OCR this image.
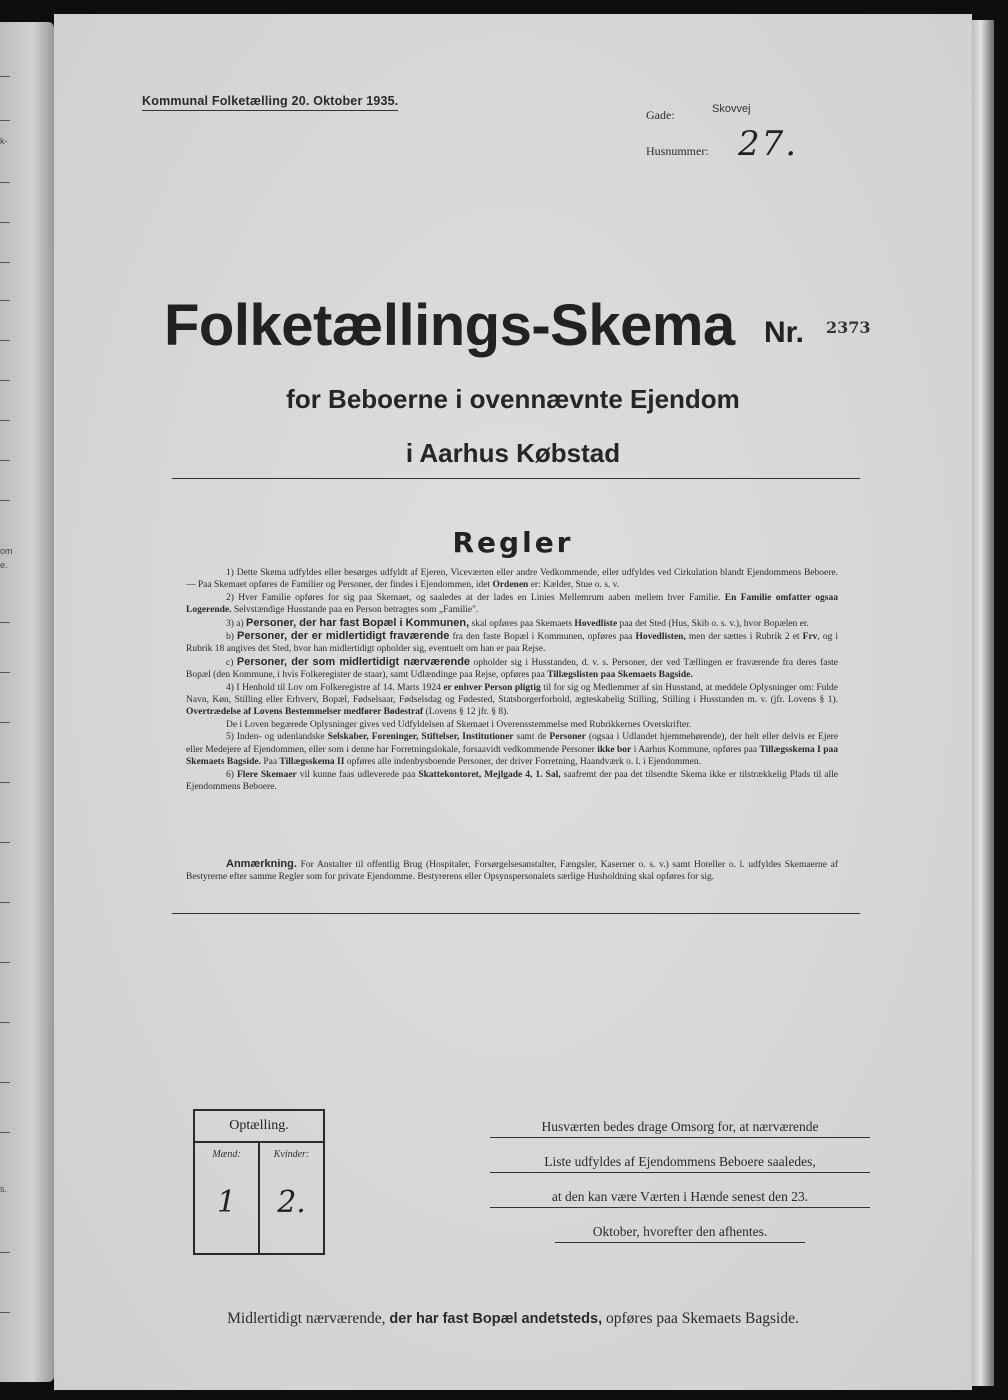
k-
om
e.
s.
Kommunal Folketælling 20. Oktober 1935.
Gade:	Skovvej
Husnummer: 27.
Folketællings-Skema Nr. 2373
for Beboerne i ovennævnte Ejendom
i Aarhus Købstad
Regler

1) Dette Skema udfyldes eller besørges udfyldt af Ejeren, Viceværten eller andre Vedkommende, eller udfyldes ved Cirkulation blandt Ejendommens Beboere. — Paa Skemaet opføres de Familier og Personer, der findes i Ejendommen, idet Ordenen er: Kælder, Stue o. s. v.

2) Hver Familie opføres for sig paa Skemaet, og saaledes at der lades en Linies Mellemrum aaben mellem hver Familie. En Familie omfatter ogsaa Logerende. Selvstændige Husstande paa en Person betragtes som „Familie".

3) a) Personer, der har fast Bopæl i Kommunen, skal opføres paa Skemaets Hovedliste paa det Sted (Hus, Skib o. s. v.), hvor Bopælen er.

b) Personer, der er midlertidigt fraværende fra den faste Bopæl i Kommunen, opføres paa Hovedlisten, men der sættes i Rubrik 2 et Frv, og i Rubrik 18 angives det Sted, hvor han midlertidigt opholder sig, eventuelt om han er paa Rejse.

c) Personer, der som midlertidigt nærværende opholder sig i Husstanden, d. v. s. Personer, der ved Tællingen er fraværende fra deres faste Bopæl (den Kommune, i hvis Folkeregister de staar), samt Udlændinge paa Rejse, opføres paa Tillægslisten paa Skemaets Bagside.

4) I Henhold til Lov om Folkeregistre af 14. Marts 1924 er enhver Person pligtig til for sig og Medlemmer af sin Husstand, at meddele Oplysninger om: Fulde Navn, Køn, Stilling eller Erhverv, Bopæl, Fødselsaar, Fødselsdag og Fødested, Statsborgerforhold, ægteskabelig Stilling, Stilling i Husstanden m. v. (jfr. Lovens § 1). Overtrædelse af Lovens Bestemmelser medfører Bødestraf (Lovens § 12 jfr. § 8).

De i Loven begærede Oplysninger gives ved Udfyldelsen af Skemaet i Overensstemmelse med Rubrikkernes Overskrifter.

5) Inden- og udenlandske Selskaber, Foreninger, Stiftelser, Institutioner samt de Personer (ogsaa i Udlandet hjemmehørende), der helt eller delvis er Ejere eller Medejere af Ejendommen, eller som i denne har Forretningslokale, forsaavidt vedkommende Personer ikke bor i Aarhus Kommune, opføres paa Tillægsskema I paa Skemaets Bagside. Paa Tillægsskema II opføres alle indenbysboende Personer, der driver Forretning, Haandværk o. l. i Ejendommen.

6) Flere Skemaer vil kunne faas udleverede paa Skattekontoret, Mejlgade 4, 1. Sal, saafremt der paa det tilsendte Skema ikke er tilstrækkelig Plads til alle Ejendommens Beboere.

Anmærkning. For Anstalter til offentlig Brug (Hospitaler, Forsørgelsesanstalter, Fængsler, Kaserner o. s. v.) samt Hoteller o. l. udfyldes Skemaerne af Bestyrerne efter samme Regler som for private Ejendomme. Bestyrerens eller Opsynspersonalets særlige Husholdning skal opføres for sig.

Optælling.
Mænd:
1
Kvinder:
2.
Husværten bedes drage Omsorg for, at nærværende
Liste udfyldes af Ejendommens Beboere saaledes,
at den kan være Værten i Hænde senest den 23.
Oktober, hvorefter den afhentes.
Midlertidigt nærværende, der har fast Bopæl andetsteds, opføres paa Skemaets Bagside.
